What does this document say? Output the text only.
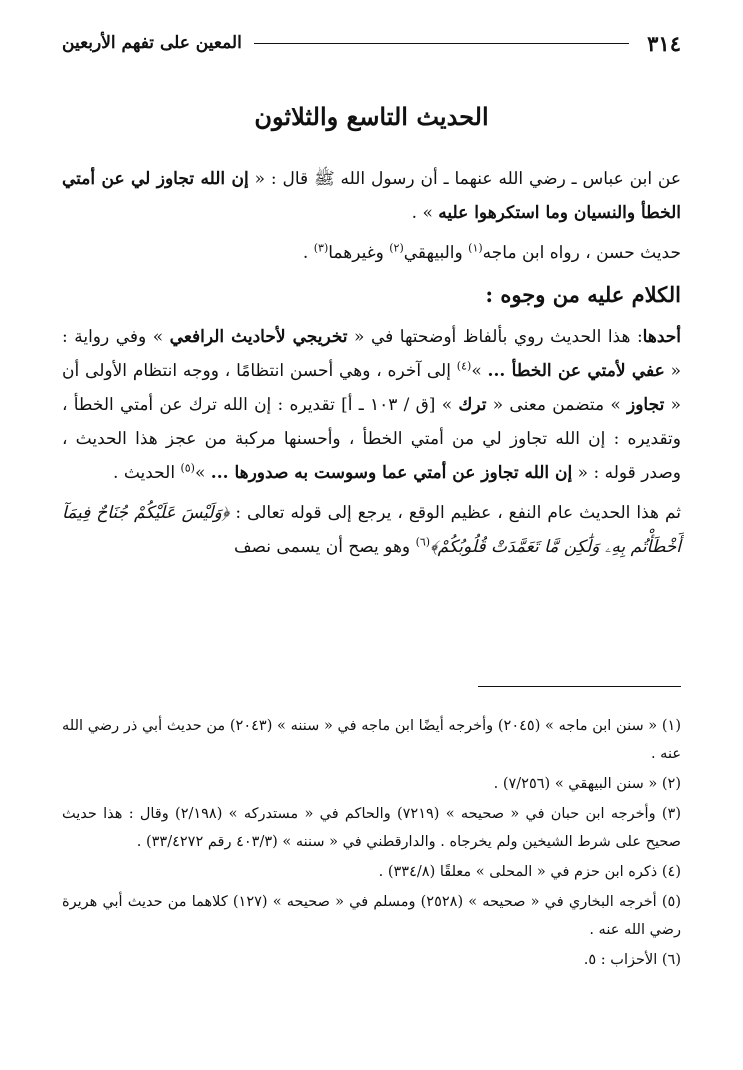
٣١٤
المعين على تفهم الأربعين
الحديث التاسع والثلاثون

عن ابن عباس ـ رضي الله عنهما ـ أن رسول الله ﷺ قال : « إن الله تجاوز لي عن أمتي الخطأ والنسيان وما استكرهوا عليه » .

حديث حسن ، رواه ابن ماجه$^{(١)}$ والبيهقي$^{(٢)}$ وغيرهما$^{(٣)}$ .

الكلام عليه من وجوه :

أحدها: هذا الحديث روي بألفاظ أوضحتها في « تخريجي لأحاديث الرافعي » وفي رواية : « عفي لأمتي عن الخطأ ... »$^{(٤)}$ إلى آخره ، وهي أحسن انتظامًا ، ووجه انتظام الأولى أن « تجاوز » متضمن معنى « ترك » [ق / ١٠٣ ـ أ] تقديره : إن الله ترك عن أمتي الخطأ ، وتقديره : إن الله تجاوز لي من أمتي الخطأ ، وأحسنها مركبة من عجز هذا الحديث ، وصدر قوله : « إن الله تجاوز عن أمتي عما وسوست به صدورها ... »$^{(٥)}$ الحديث .

ثم هذا الحديث عام النفع ، عظيم الوقع ، يرجع إلى قوله تعالى : ﴿وَلَيْسَ عَلَيْكُمْ جُنَاحٌ فِيمَآ أَخْطَأْتُم بِهِۦ وَلَٰكِن مَّا تَعَمَّدَتْ قُلُوبُكُمْ﴾$^{(٦)}$ وهو يصح أن يسمى نصف

(١) « سنن ابن ماجه » (٢٠٤٥) وأخرجه أيضًا ابن ماجه في « سننه » (٢٠٤٣) من حديث أبي ذر رضي الله عنه .

(٢) « سنن البيهقي » (٧/٢٥٦) .

(٣) وأخرجه ابن حبان في « صحيحه » (٧٢١٩) والحاكم في « مستدركه » (٢/١٩٨) وقال : هذا حديث صحيح على شرط الشيخين ولم يخرجاه . والدارقطني في « سننه » (٤٠٣/٣ رقم ٣٣/٤٢٧٢) .

(٤) ذكره ابن حزم في « المحلى » معلقًا (٣٣٤/٨) .

(٥) أخرجه البخاري في « صحيحه » (٢٥٢٨) ومسلم في « صحيحه » (١٢٧) كلاهما من حديث أبي هريرة رضي الله عنه .

(٦) الأحزاب : ٥.
